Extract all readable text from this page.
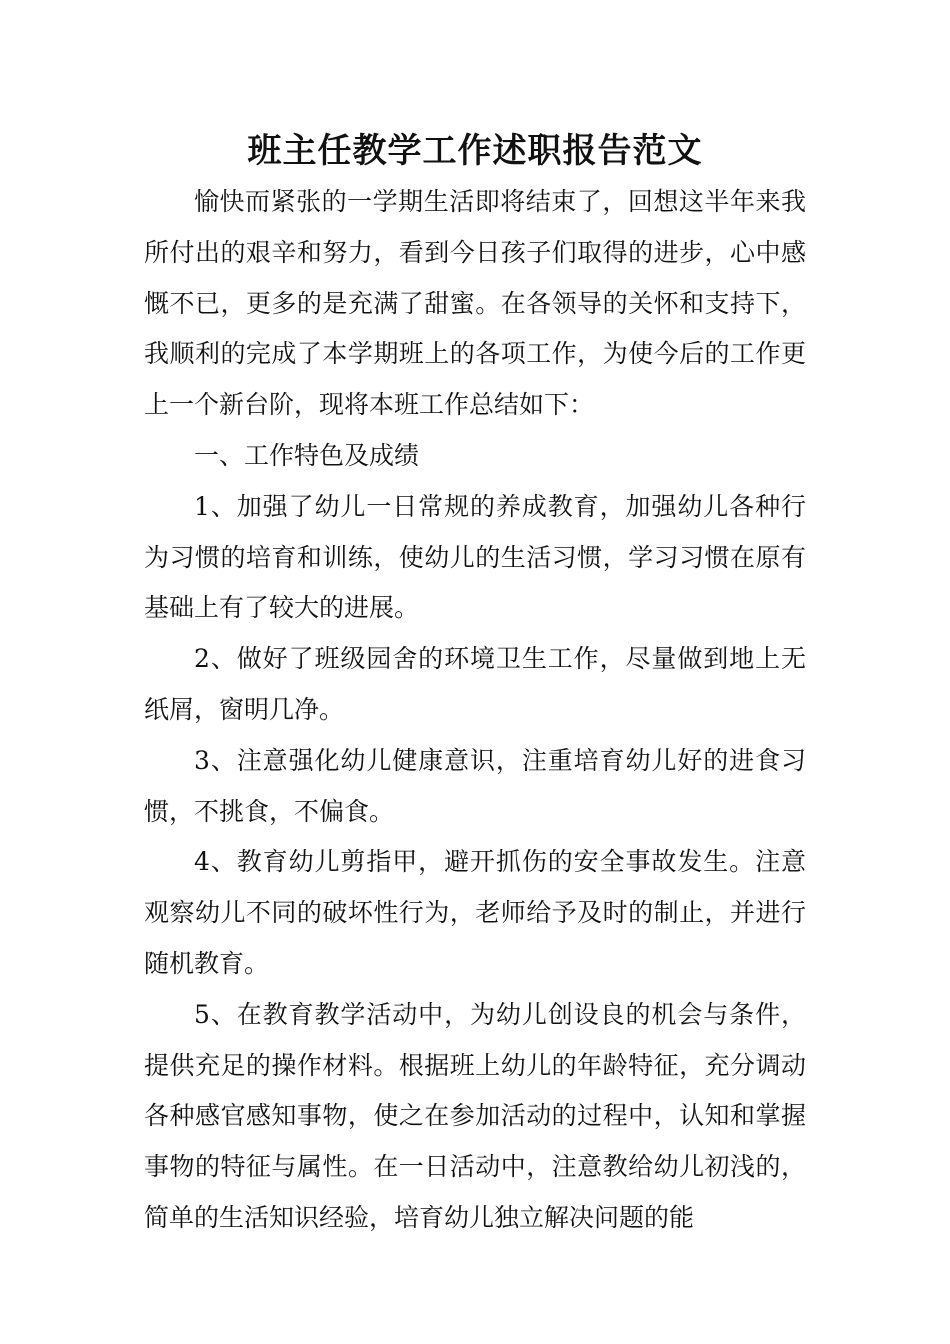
班主任教学工作述职报告范文

愉快而紧张的一学期生活即将结束了，回想这半年来我所付出的艰辛和努力，看到今日孩子们取得的进步，心中感慨不已，更多的是充满了甜蜜。在各领导的关怀和支持下，我顺利的完成了本学期班上的各项工作，为使今后的工作更上一个新台阶，现将本班工作总结如下：

一、工作特色及成绩

1、加强了幼儿一日常规的养成教育，加强幼儿各种行为习惯的培育和训练，使幼儿的生活习惯，学习习惯在原有基础上有了较大的进展。

2、做好了班级园舍的环境卫生工作，尽量做到地上无纸屑，窗明几净。

3、注意强化幼儿健康意识，注重培育幼儿好的进食习惯，不挑食，不偏食。

4、教育幼儿剪指甲，避开抓伤的安全事故发生。注意观察幼儿不同的破坏性行为，老师给予及时的制止，并进行随机教育。

5、在教育教学活动中，为幼儿创设良的机会与条件，提供充足的操作材料。根据班上幼儿的年龄特征，充分调动各种感官感知事物，使之在参加活动的过程中，认知和掌握事物的特征与属性。在一日活动中，注意教给幼儿初浅的，简单的生活知识经验，培育幼儿独立解决问题的能
